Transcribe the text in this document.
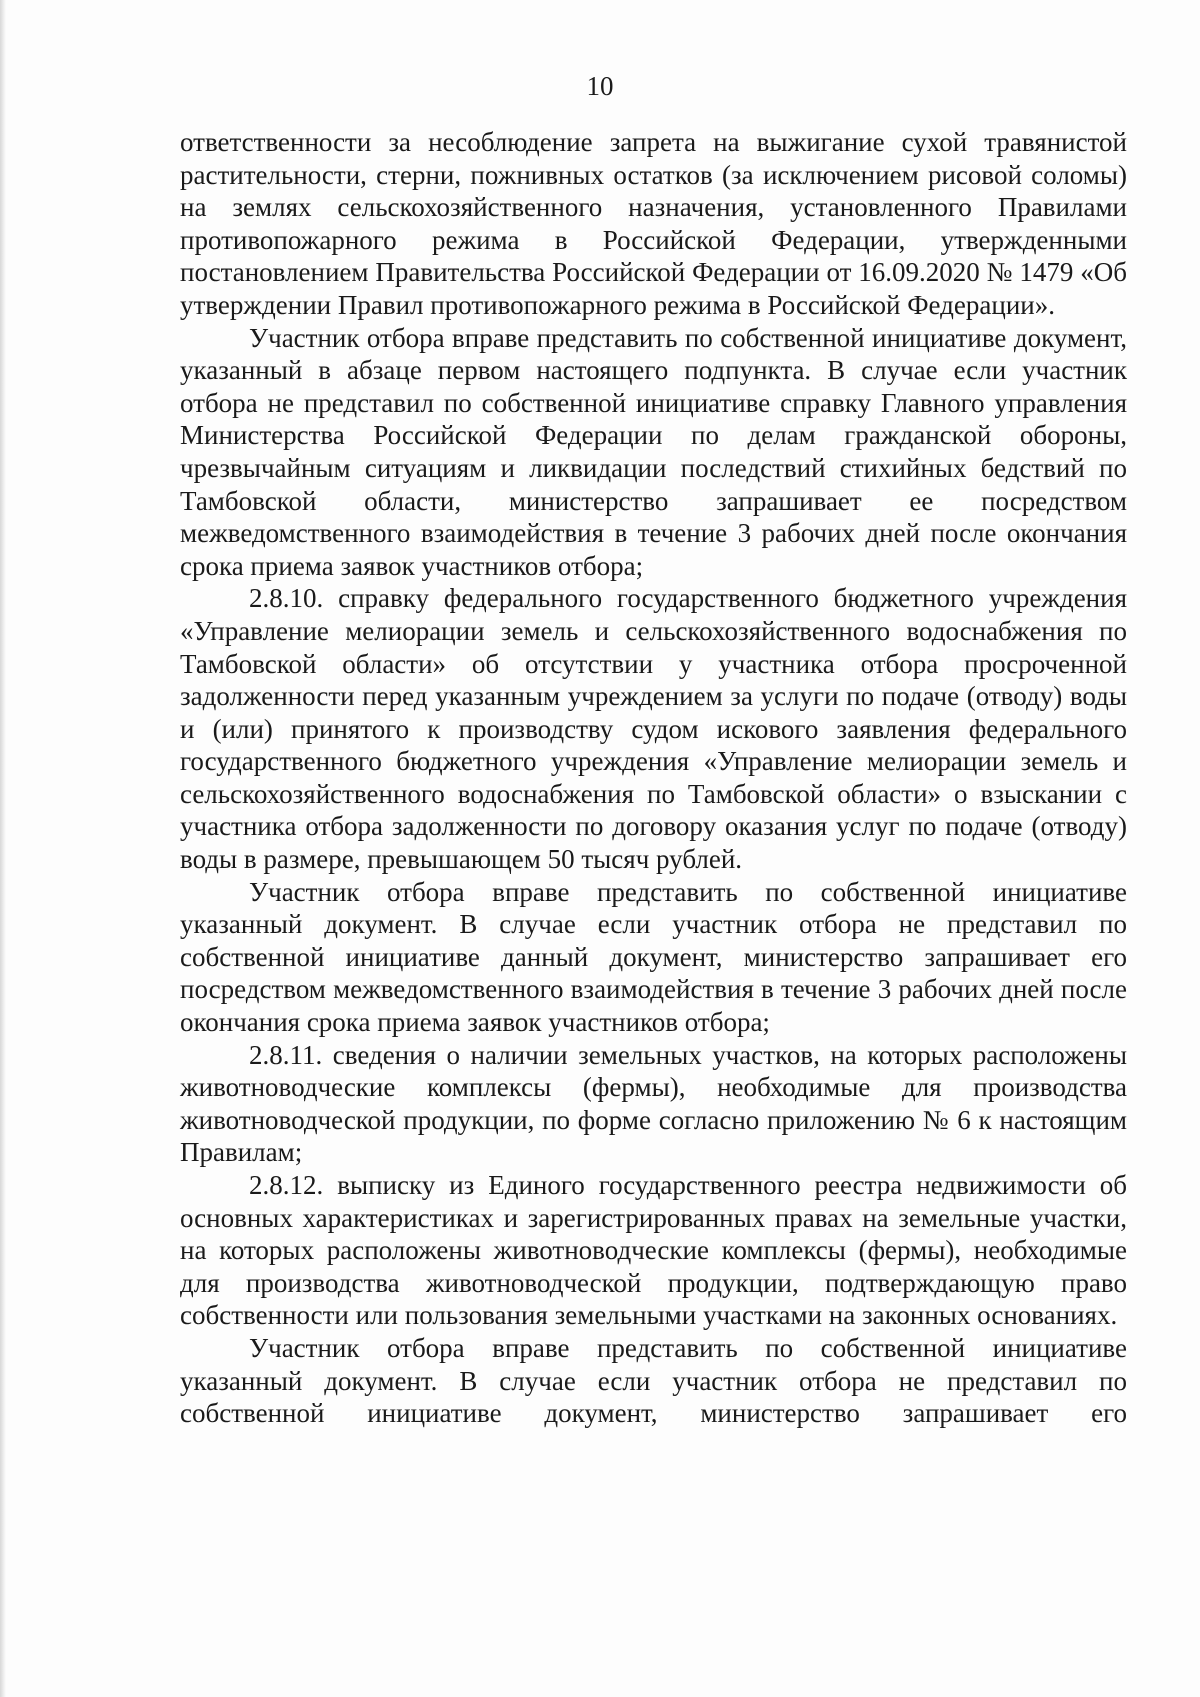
10

ответственности за несоблюдение запрета на выжигание сухой травянистой растительности, стерни, пожнивных остатков (за исключением рисовой соломы) на землях сельскохозяйственного назначения, установленного Правилами противопожарного режима в Российской Федерации, утвержденными постановлением Правительства Российской Федерации от 16.09.2020 № 1479 «Об утверждении Правил противопожарного режима в Российской Федерации».

Участник отбора вправе представить по собственной инициативе документ, указанный в абзаце первом настоящего подпункта. В случае если участник отбора не представил по собственной инициативе справку Главного управления Министерства Российской Федерации по делам гражданской обороны, чрезвычайным ситуациям и ликвидации последствий стихийных бедствий по Тамбовской области, министерство запрашивает ее посредством межведомственного взаимодействия в течение 3 рабочих дней после окончания срока приема заявок участников отбора;

2.8.10. справку федерального государственного бюджетного учреждения «Управление мелиорации земель и сельскохозяйственного водоснабжения по Тамбовской области» об отсутствии у участника отбора просроченной задолженности перед указанным учреждением за услуги по подаче (отводу) воды и (или) принятого к производству судом искового заявления федерального государственного бюджетного учреждения «Управление мелиорации земель и сельскохозяйственного водоснабжения по Тамбовской области» о взыскании с участника отбора задолженности по договору оказания услуг по подаче (отводу) воды в размере, превышающем 50 тысяч рублей.

Участник отбора вправе представить по собственной инициативе указанный документ. В случае если участник отбора не представил по собственной инициативе данный документ, министерство запрашивает его посредством межведомственного взаимодействия в течение 3 рабочих дней после окончания срока приема заявок участников отбора;

2.8.11. сведения о наличии земельных участков, на которых расположены животноводческие комплексы (фермы), необходимые для производства животноводческой продукции, по форме согласно приложению № 6 к настоящим Правилам;

2.8.12. выписку из Единого государственного реестра недвижимости об основных характеристиках и зарегистрированных правах на земельные участки, на которых расположены животноводческие комплексы (фермы), необходимые для производства животноводческой продукции, подтверждающую право собственности или пользования земельными участками на законных основаниях.

Участник отбора вправе представить по собственной инициативе указанный документ. В случае если участник отбора не представил по собственной инициативе документ, министерство запрашивает его
